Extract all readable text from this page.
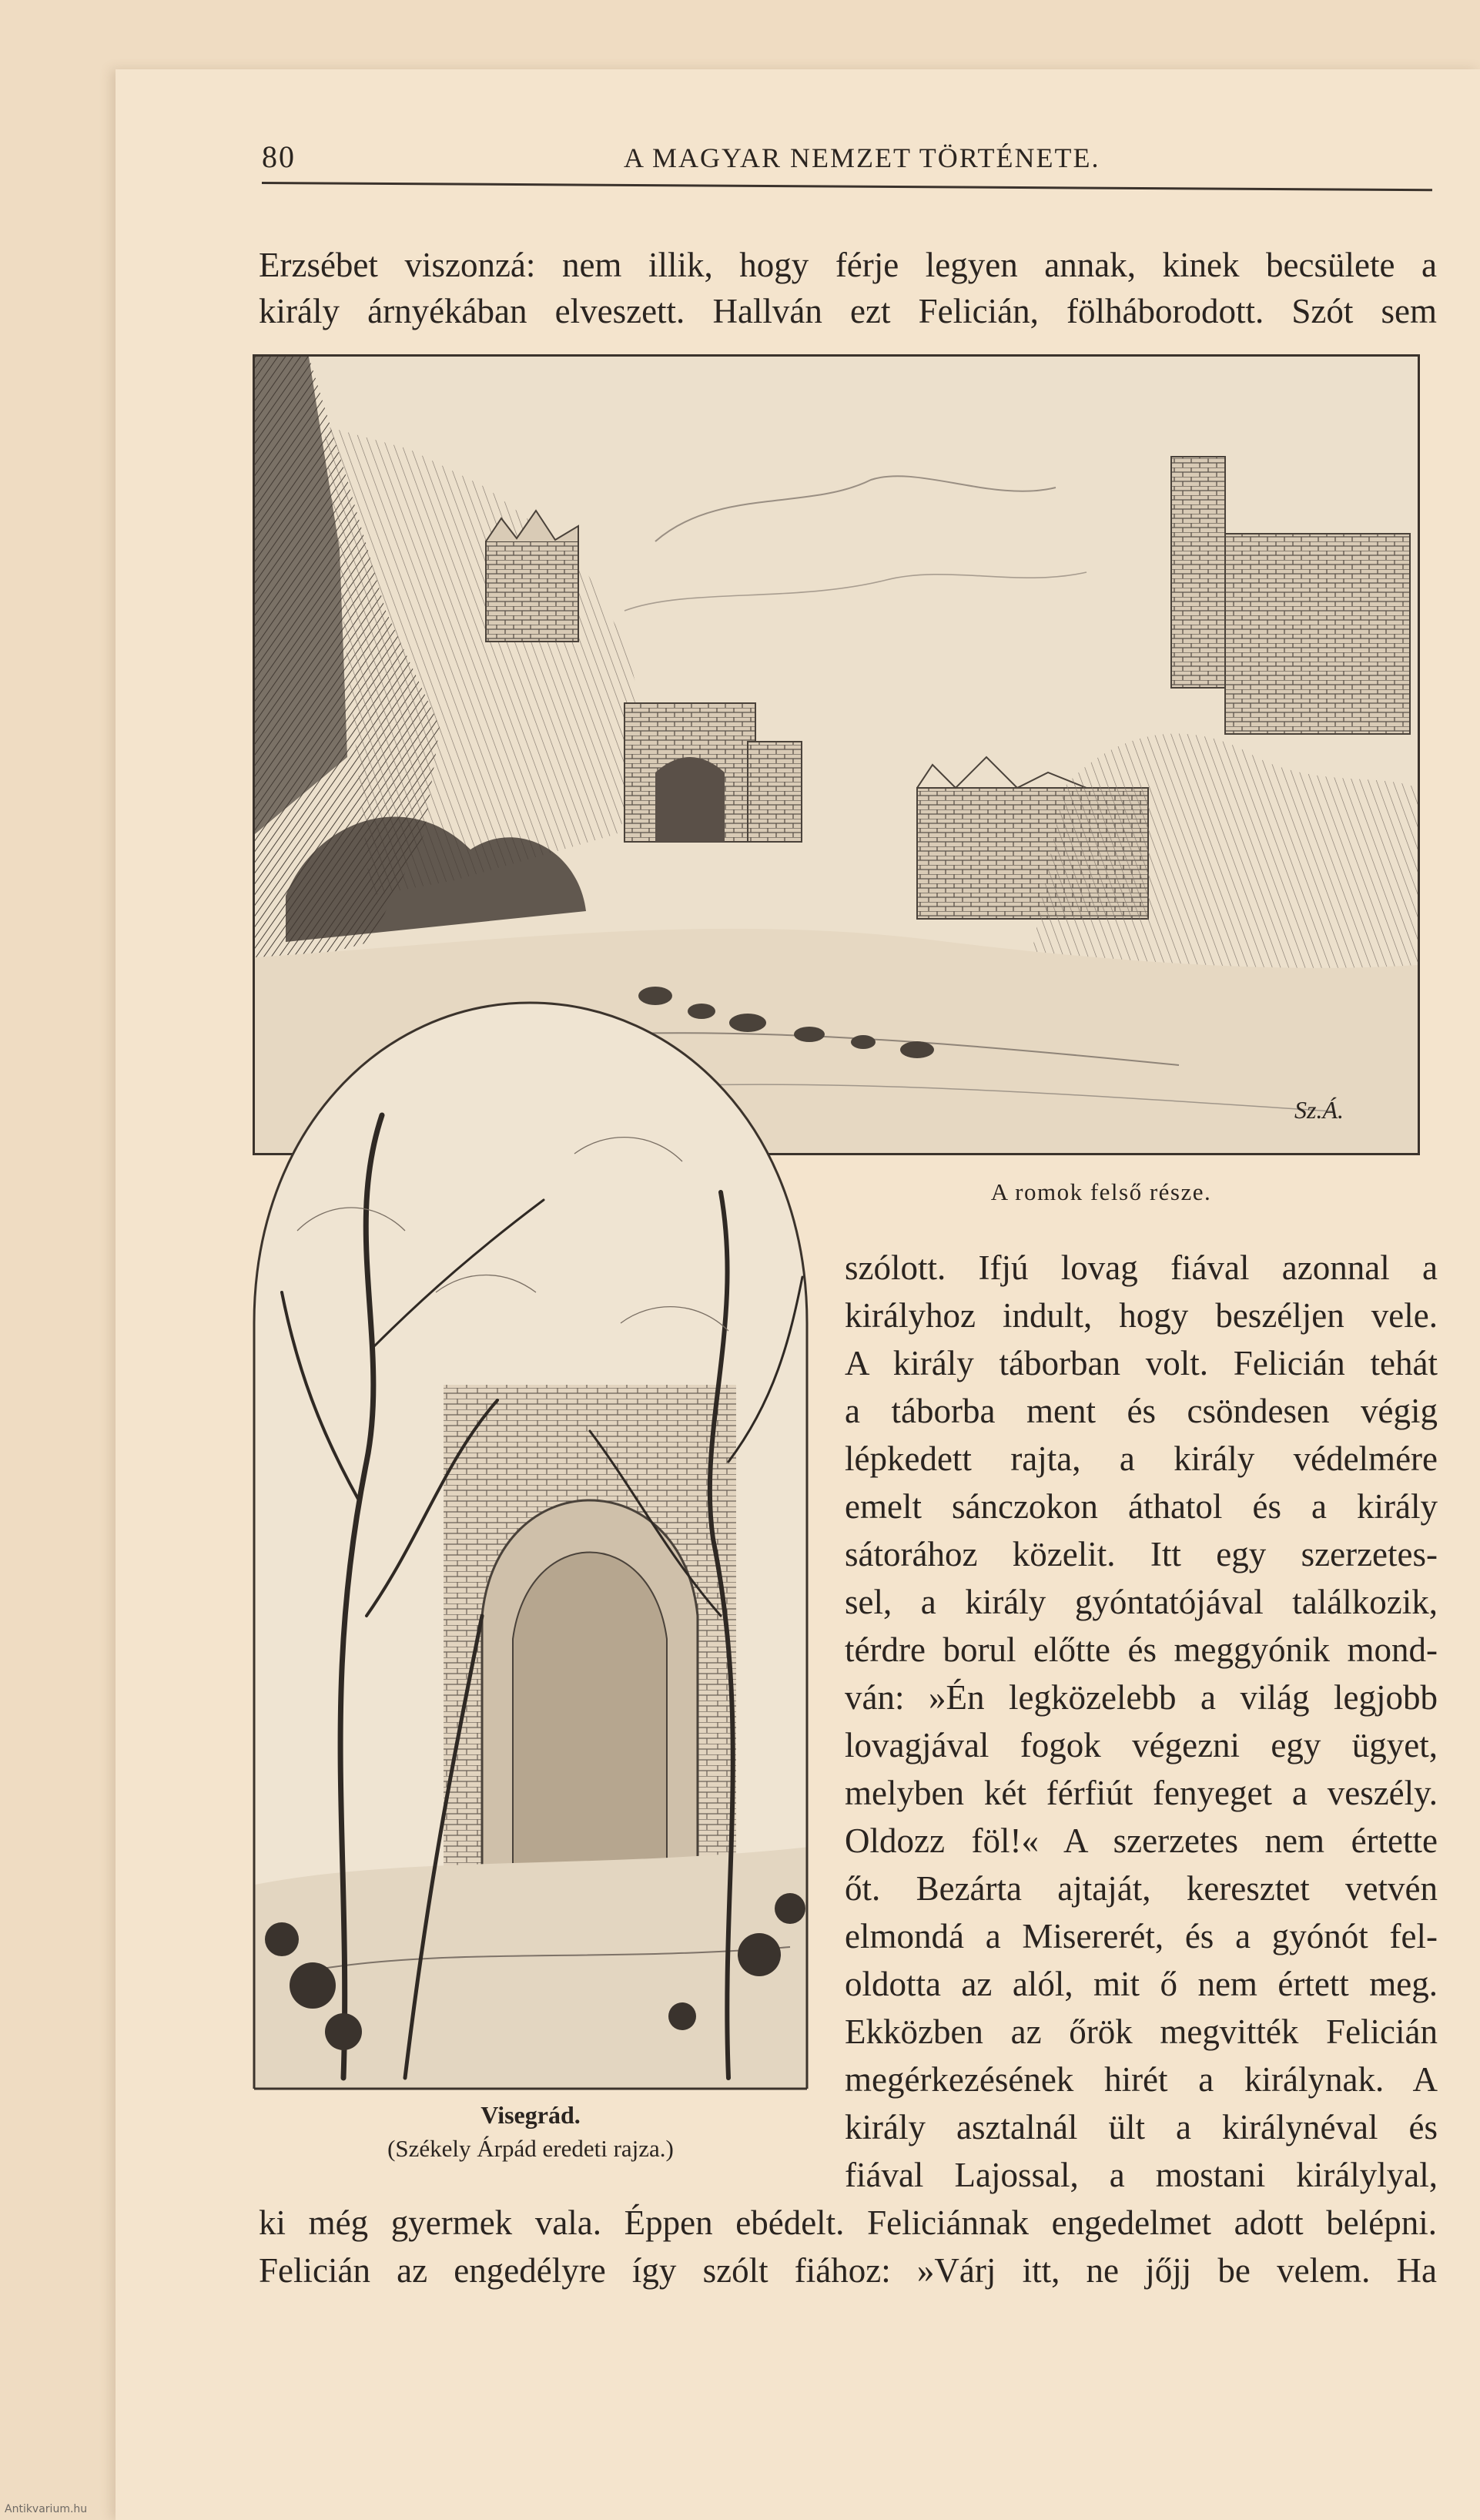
80	A MAGYAR NEMZET TÖRTÉNETE.
Erzsébet viszonzá: nem illik, hogy férje legyen annak, kinek becsülete a
király árnyékában elveszett. Hallván ezt Felicián, fölháborodott. Szót sem
Sz.Á.
A romok felső része.
szólott. Ifjú lovag fiával azonnal a
királyhoz indult, hogy beszéljen vele.
A király táborban volt. Felicián tehát
a táborba ment és csöndesen végig
lépkedett rajta, a király védelmére
emelt sánczokon áthatol és a király
sátorához közelit. Itt egy szerzetes-
sel, a király gyóntatójával találkozik,
térdre borul előtte és meggyónik mond-
ván: »Én legközelebb a világ legjobb
lovagjával fogok végezni egy ügyet,
melyben két férfiút fenyeget a veszély.
Oldozz föl!« A szerzetes nem értette
őt. Bezárta ajtaját, keresztet vetvén
elmondá a Misererét, és a gyónót fel-
oldotta az alól, mit ő nem értett meg.
Ekközben az őrök megvitték Felicián
megérkezésének hirét a királynak. A
király asztalnál ült a királynéval és
fiával Lajossal, a mostani királylyal,
Visegrád.
(Székely Árpád eredeti rajza.)
ki még gyermek vala. Éppen ebédelt. Feliciánnak engedelmet adott belépni.
Felicián az engedélyre így szólt fiához: »Várj itt, ne jőjj be velem. Ha
Antikvarium.hu
